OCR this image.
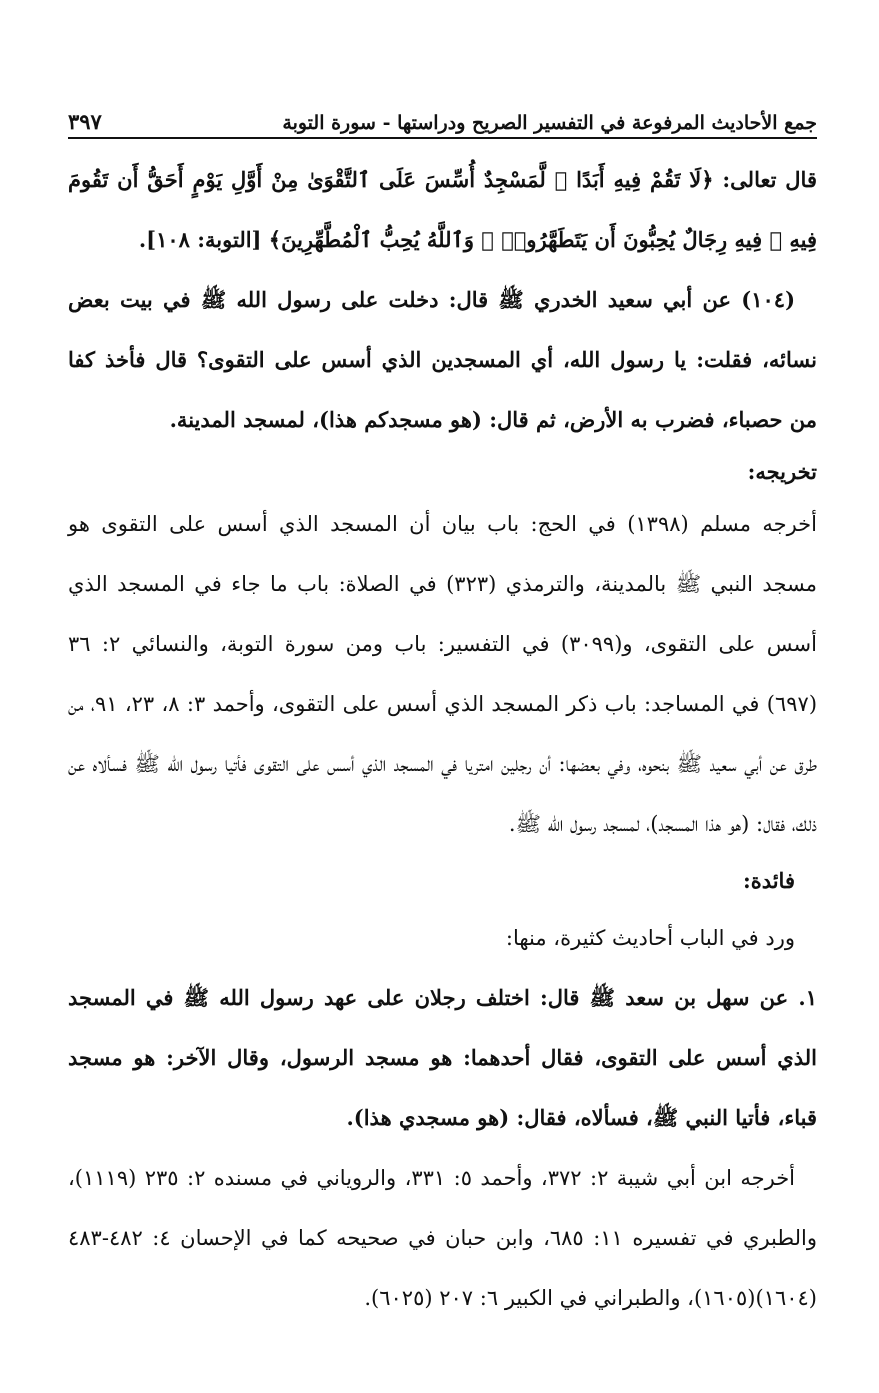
جمع الأحاديث المرفوعة في التفسير الصريح ودراستها - سورة التوبة
٣٩٧

قال تعالى: ﴿لَا تَقُمْ فِيهِ أَبَدًا ۚ لَّمَسْجِدٌ أُسِّسَ عَلَى ٱلتَّقْوَىٰ مِنْ أَوَّلِ يَوْمٍ أَحَقُّ أَن تَقُومَ فِيهِ ۚ فِيهِ رِجَالٌ يُحِبُّونَ أَن يَتَطَهَّرُوا۟ ۚ وَٱللَّهُ يُحِبُّ ٱلْمُطَّهِّرِينَ﴾ [التوبة: ١٠٨].

(١٠٤) عن أبي سعيد الخدري ﷺ قال: دخلت على رسول الله ﷺ في بيت بعض نسائه، فقلت: يا رسول الله، أي المسجدين الذي أسس على التقوى؟ قال فأخذ كفا من حصباء، فضرب به الأرض، ثم قال: (هو مسجدكم هذا)، لمسجد المدينة.

تخريجه:

أخرجه مسلم (١٣٩٨) في الحج: باب بيان أن المسجد الذي أسس على التقوى هو مسجد النبي ﷺ بالمدينة، والترمذي (٣٢٣) في الصلاة: باب ما جاء في المسجد الذي أسس على التقوى، و(٣٠٩٩) في التفسير: باب ومن سورة التوبة، والنسائي ٢: ٣٦ (٦٩٧) في المساجد: باب ذكر المسجد الذي أسس على التقوى، وأحمد ٣: ٨، ٢٣، ٩١، من طرق عن أبي سعيد ﷺ بنحوه، وفي بعضها: أن رجلين امتريا في المسجد الذي أسس على التقوى فأتيا رسول الله ﷺ فسألاه عن ذلك، فقال: (هو هذا المسجد)، لمسجد رسول الله ﷺ.

فائدة:

ورد في الباب أحاديث كثيرة، منها:

١. عن سهل بن سعد ﷺ قال: اختلف رجلان على عهد رسول الله ﷺ في المسجد الذي أسس على التقوى، فقال أحدهما: هو مسجد الرسول، وقال الآخر: هو مسجد قباء، فأتيا النبي ﷺ، فسألاه، فقال: (هو مسجدي هذا).

أخرجه ابن أبي شيبة ٢: ٣٧٢، وأحمد ٥: ٣٣١، والروياني في مسنده ٢: ٢٣٥ (١١١٩)، والطبري في تفسيره ١١: ٦٨٥، وابن حبان في صحيحه كما في الإحسان ٤: ٤٨٢-٤٨٣ (١٦٠٤)(١٦٠٥)، والطبراني في الكبير ٦: ٢٠٧ (٦٠٢٥).
